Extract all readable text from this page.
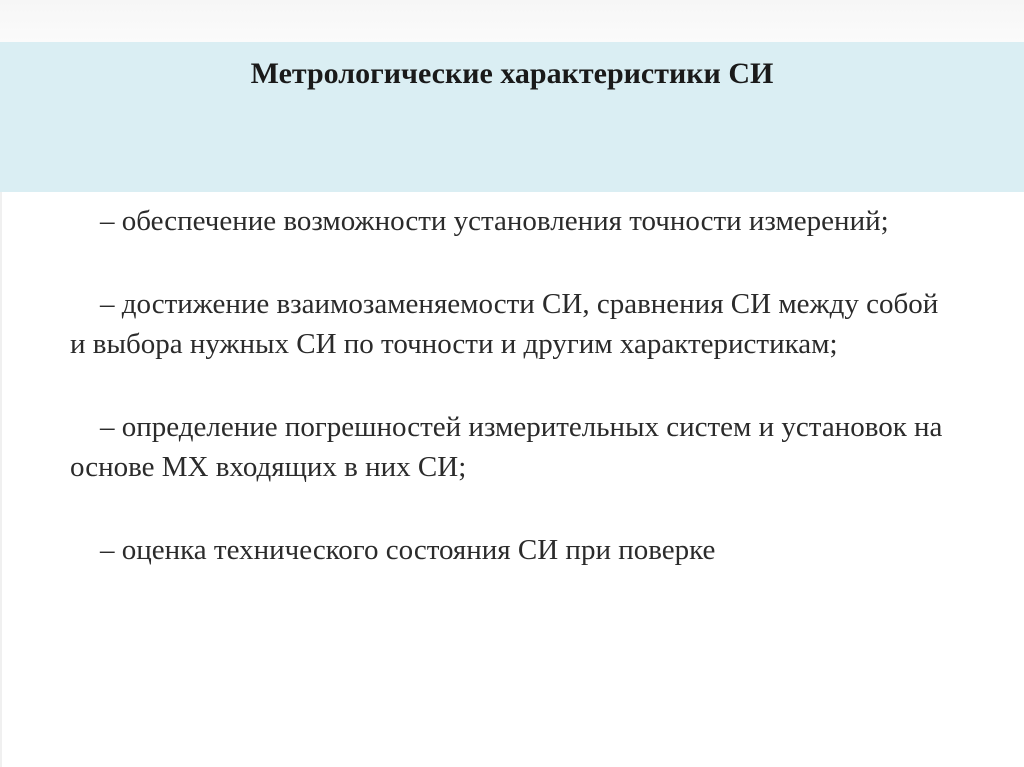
Метрологические характеристики СИ

– обеспечение возможности установления точности измерений;

– достижение взаимозаменяемости СИ, сравнения СИ между собой и выбора нужных СИ по точности и другим характеристикам;

– определение погрешностей измерительных систем и установок на основе МХ входящих в них СИ;

– оценка технического состояния СИ при поверке
